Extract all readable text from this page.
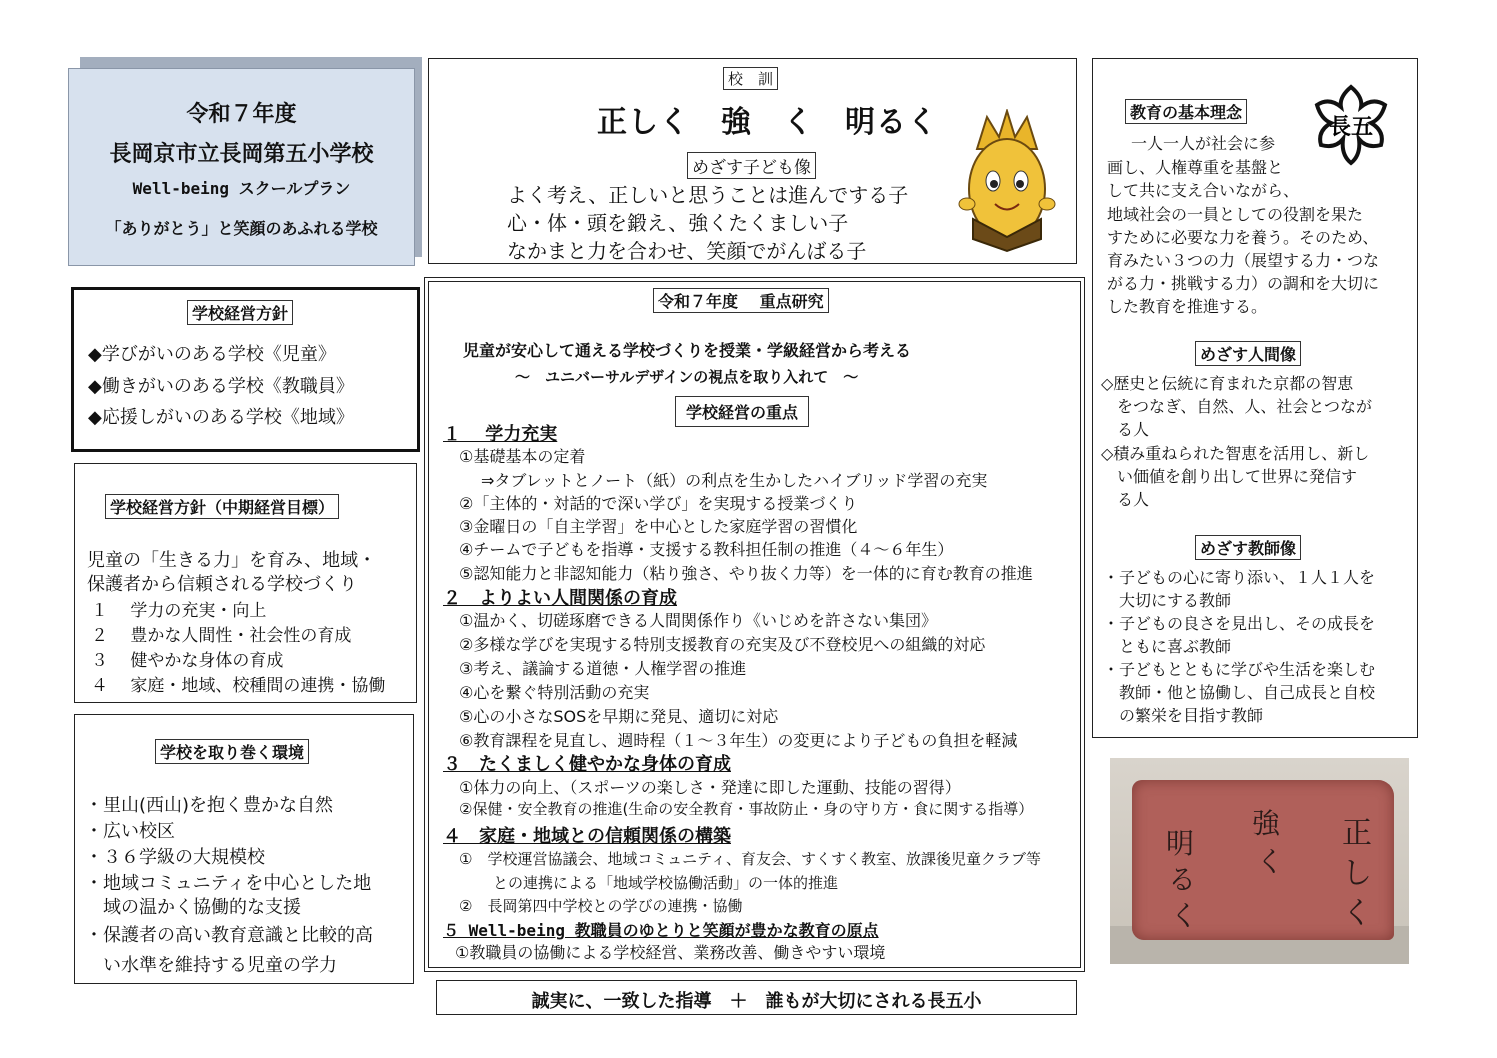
令和７年度
長岡京市立長岡第五小学校
Well-being スクールプラン
「ありがとう」と笑顔のあふれる学校
校　訓
正しく　強　く　明るく
めざす子ども像
よく考え、正しいと思うことは進んでする子
心・体・頭を鍛え、強くたくましい子
なかまと力を合わせ、笑顔でがんばる子
学校経営方針
◆学びがいのある学校《児童》
◆働きがいのある学校《教職員》
◆応援しがいのある学校《地域》
学校経営方針（中期経営目標）
児童の「生きる力」を育み、地域・
保護者から信頼される学校づくり
１　 学力の充実・向上
２　 豊かな人間性・社会性の育成
３　 健やかな身体の育成
４　 家庭・地域、校種間の連携・協働
学校を取り巻く環境
・里山(西山)を抱く豊かな自然
・広い校区
・３６学級の大規模校
・地域コミュニティを中心とした地
　域の温かく協働的な支援
・保護者の高い教育意識と比較的高
　い水準を維持する児童の学力
令和７年度　 重点研究
児童が安心して通える学校づくりを授業・学級経営から考える
～　ユニバーサルデザインの視点を取り入れて　～
学校経営の重点
１　 学力充実
①基礎基本の定着
⇒タブレットとノート（紙）の利点を生かしたハイブリッド学習の充実
②「主体的・対話的で深い学び」を実現する授業づくり
③金曜日の「自主学習」を中心とした家庭学習の習慣化
④チームで子どもを指導・支援する教科担任制の推進（４～６年生）
⑤認知能力と非認知能力（粘り強さ、やり抜く力等）を一体的に育む教育の推進
２　よりよい人間関係の育成
①温かく、切磋琢磨できる人間関係作り《いじめを許さない集団》
②多様な学びを実現する特別支援教育の充実及び不登校児への組織的対応
③考え、議論する道徳・人権学習の推進
④心を繋ぐ特別活動の充実
⑤心の小さなSOSを早期に発見、適切に対応
⑥教育課程を見直し、週時程（１～３年生）の変更により子どもの負担を軽減
３　たくましく健やかな身体の育成
①体力の向上、（スポーツの楽しさ・発達に即した運動、技能の習得）
②保健・安全教育の推進(生命の安全教育・事故防止・身の守り方・食に関する指導）
４　家庭・地域との信頼関係の構築
①　学校運営協議会、地域コミュニティ、育友会、すくすく教室、放課後児童クラブ等
との連携による「地域学校協働活動」の一体的推進
②　長岡第四中学校との学びの連携・協働
５ Well-being 教職員のゆとりと笑顔が豊かな教育の原点
①教職員の協働による学校経営、業務改善、働きやすい環境
誠実に、一致した指導　＋　誰もが大切にされる長五小
教育の基本理念
長五
一人一人が社会に参
画し、人権尊重を基盤と
して共に支え合いながら、
地域社会の一員としての役割を果た
すために必要な力を養う。そのため、
育みたい３つの力（展望する力・つな
がる力・挑戦する力）の調和を大切に
した教育を推進する。
めざす人間像
◇歴史と伝統に育まれた京都の智恵
　をつなぎ、自然、人、社会とつなが
　る人
◇積み重ねられた智恵を活用し、新し
　い価値を創り出して世界に発信す
　る人
めざす教師像
・子どもの心に寄り添い、１人１人を
　大切にする教師
・子どもの良さを見出し、その成長を
　ともに喜ぶ教師
・子どもとともに学びや生活を楽しむ
　教師・他と協働し、自己成長と自校
　の繁栄を目指す教師
正
し
く
強
く
明
る
く
